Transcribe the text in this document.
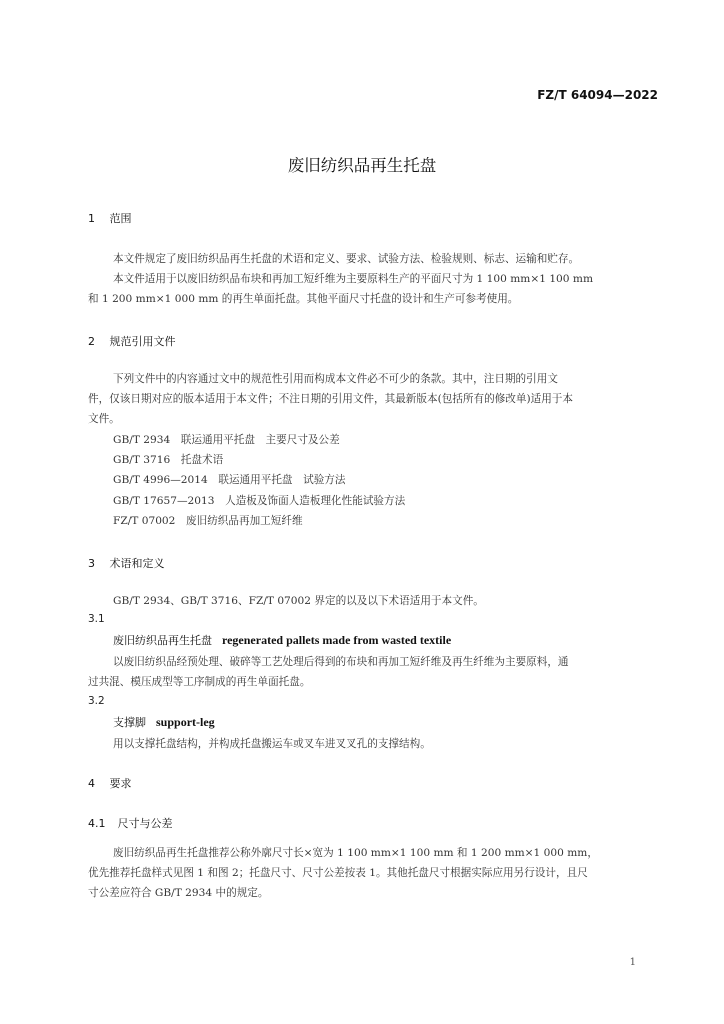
FZ/T 64094—2022
废旧纺织品再生托盘
1 范围
本文件规定了废旧纺织品再生托盘的术语和定义、要求、试验方法、检验规则、标志、运输和贮存。
本文件适用于以废旧纺织品布块和再加工短纤维为主要原料生产的平面尺寸为 1 100 mm×1 100 mm
和 1 200 mm×1 000 mm 的再生单面托盘。其他平面尺寸托盘的设计和生产可参考使用。
2 规范引用文件
下列文件中的内容通过文中的规范性引用而构成本文件必不可少的条款。其中，注日期的引用文
件，仅该日期对应的版本适用于本文件；不注日期的引用文件，其最新版本(包括所有的修改单)适用于本
文件。
GB/T 2934　联运通用平托盘　主要尺寸及公差
GB/T 3716　托盘术语
GB/T 4996—2014　联运通用平托盘　试验方法
GB/T 17657—2013　人造板及饰面人造板理化性能试验方法
FZ/T 07002　废旧纺织品再加工短纤维
3 术语和定义
GB/T 2934、GB/T 3716、FZ/T 07002 界定的以及以下术语适用于本文件。
3.1
废旧纺织品再生托盘 regenerated pallets made from wasted textile
以废旧纺织品经预处理、破碎等工艺处理后得到的布块和再加工短纤维及再生纤维为主要原料，通
过共混、模压成型等工序制成的再生单面托盘。
3.2
支撑脚 support-leg
用以支撑托盘结构，并构成托盘搬运车或叉车进叉叉孔的支撑结构。
4 要求
4.1 尺寸与公差
废旧纺织品再生托盘推荐公称外廓尺寸长×宽为 1 100 mm×1 100 mm 和 1 200 mm×1 000 mm，
优先推荐托盘样式见图 1 和图 2；托盘尺寸、尺寸公差按表 1。其他托盘尺寸根据实际应用另行设计，且尺
寸公差应符合 GB/T 2934 中的规定。
1
